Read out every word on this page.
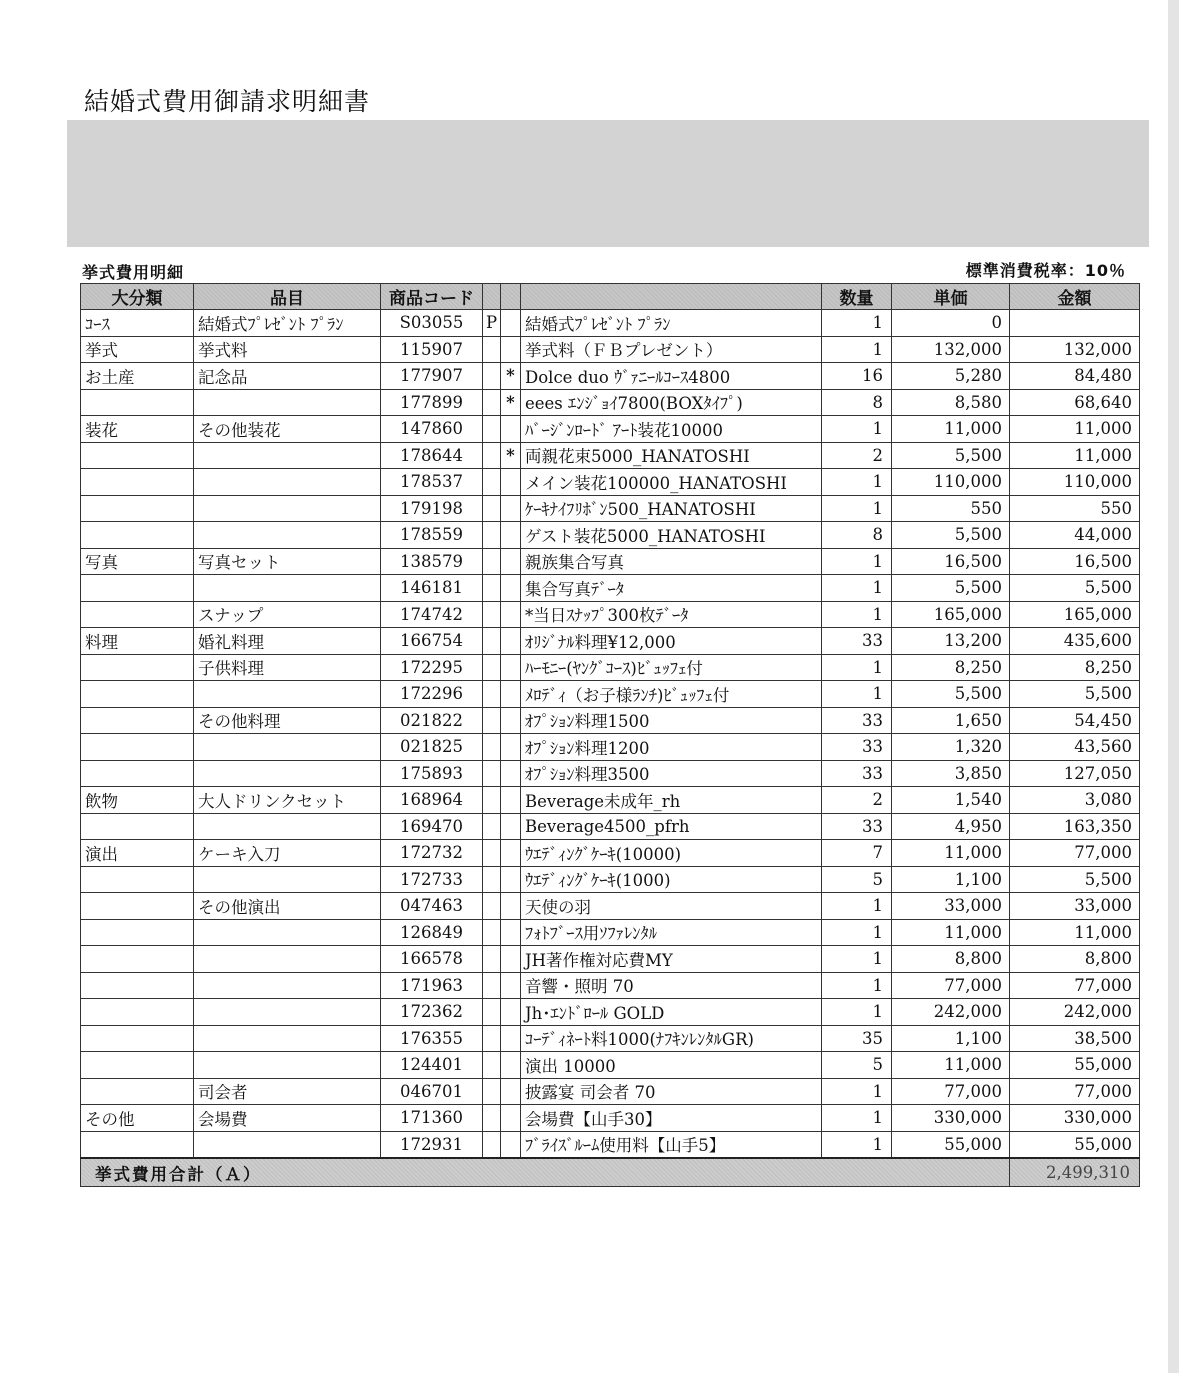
結婚式費用御請求明細書
挙式費用明細	標準消費税率：10％
大分類	品目	商品コード				数量	単価	金額
ｺｰｽ	結婚式ﾌﾟﾚｾﾞﾝﾄ ﾌﾟﾗﾝ	S03055	P		結婚式ﾌﾟﾚｾﾞﾝﾄ ﾌﾟﾗﾝ	1	0	
挙式	挙式料	115907			挙式料（ＦＢプレゼント）	1	132,000	132,000
お土産	記念品	177907		*	Dolce duo ｳﾞｧﾆｰﾙｺｰｽ4800	16	5,280	84,480
		177899		*	eees ｴﾝｼﾞｮｲ7800(BOXﾀｲﾌﾟ)	8	8,580	68,640
装花	その他装花	147860			ﾊﾞｰｼﾞﾝﾛｰﾄﾞ ｱｰﾄ装花10000	1	11,000	11,000
		178644		*	両親花束5000_HANATOSHI	2	5,500	11,000
		178537			メイン装花100000_HANATOSHI	1	110,000	110,000
		179198			ｹｰｷﾅｲﾌﾘﾎﾞﾝ500_HANATOSHI	1	550	550
		178559			ゲスト装花5000_HANATOSHI	8	5,500	44,000
写真	写真セット	138579			親族集合写真	1	16,500	16,500
		146181			集合写真ﾃﾞｰﾀ	1	5,500	5,500
	スナップ	174742			*当日ｽﾅｯﾌﾟ300枚ﾃﾞｰﾀ	1	165,000	165,000
料理	婚礼料理	166754			ｵﾘｼﾞﾅﾙ料理¥12,000	33	13,200	435,600
	子供料理	172295			ﾊｰﾓﾆｰ(ﾔﾝｸﾞｺｰｽ)ﾋﾞｭｯﾌｪ付	1	8,250	8,250
		172296			ﾒﾛﾃﾞｨ（お子様ﾗﾝﾁ)ﾋﾞｭｯﾌｪ付	1	5,500	5,500
	その他料理	021822			ｵﾌﾟｼｮﾝ料理1500	33	1,650	54,450
		021825			ｵﾌﾟｼｮﾝ料理1200	33	1,320	43,560
		175893			ｵﾌﾟｼｮﾝ料理3500	33	3,850	127,050
飲物	大人ドリンクセット	168964			Beverage未成年_rh	2	1,540	3,080
		169470			Beverage4500_pfrh	33	4,950	163,350
演出	ケーキ入刀	172732			ｳｴﾃﾞｨﾝｸﾞｹｰｷ(10000)	7	11,000	77,000
		172733			ｳｴﾃﾞｨﾝｸﾞｹｰｷ(1000)	5	1,100	5,500
	その他演出	047463			天使の羽	1	33,000	33,000
		126849			ﾌｫﾄﾌﾞｰｽ用ｿﾌｧﾚﾝﾀﾙ	1	11,000	11,000
		166578			JH著作権対応費MY	1	8,800	8,800
		171963			音響・照明 70	1	77,000	77,000
		172362			Jh･ｴﾝﾄﾞﾛｰﾙ GOLD	1	242,000	242,000
		176355			ｺｰﾃﾞｨﾈｰﾄ料1000(ﾅﾌｷﾝﾚﾝﾀﾙGR)	35	1,100	38,500
		124401			演出 10000	5	11,000	55,000
	司会者	046701			披露宴 司会者 70	1	77,000	77,000
その他	会場費	171360			会場費【山手30】	1	330,000	330,000
		172931			ﾌﾞﾗｲｽﾞﾙｰﾑ使用料【山手5】	1	55,000	55,000
挙式費用合計（Ａ）								2,499,310
